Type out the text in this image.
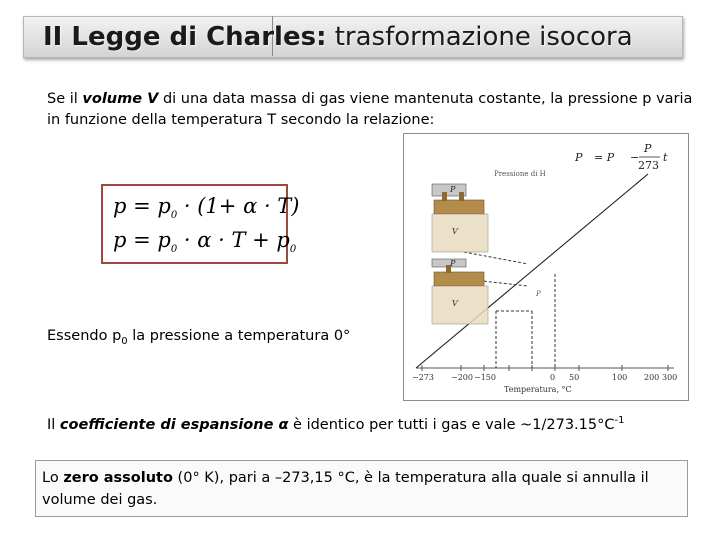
II Legge di Charles: trasformazione isocora
Se il volume V di una data massa di gas viene mantenuta costante, la pressione p varia in funzione della temperatura T secondo la relazione:
$p = p_0 \cdot (1+ \alpha \cdot T)$
$p = p_0 \cdot \alpha \cdot T + p_0$
−273 −200 −150	0 50	100 200 300
Temperatura, °C
P = P −
P
273
t
Pressione di H
V
P
V
P
P
Essendo $p_0$ la pressione a temperatura 0°
Il coefficiente di espansione α è identico per tutti i gas e vale $\sim 1/273.15^\circ C^{-1}$
Lo zero assoluto (0° K), pari a –273,15 °C, è la temperatura alla quale si annulla il volume dei gas.
